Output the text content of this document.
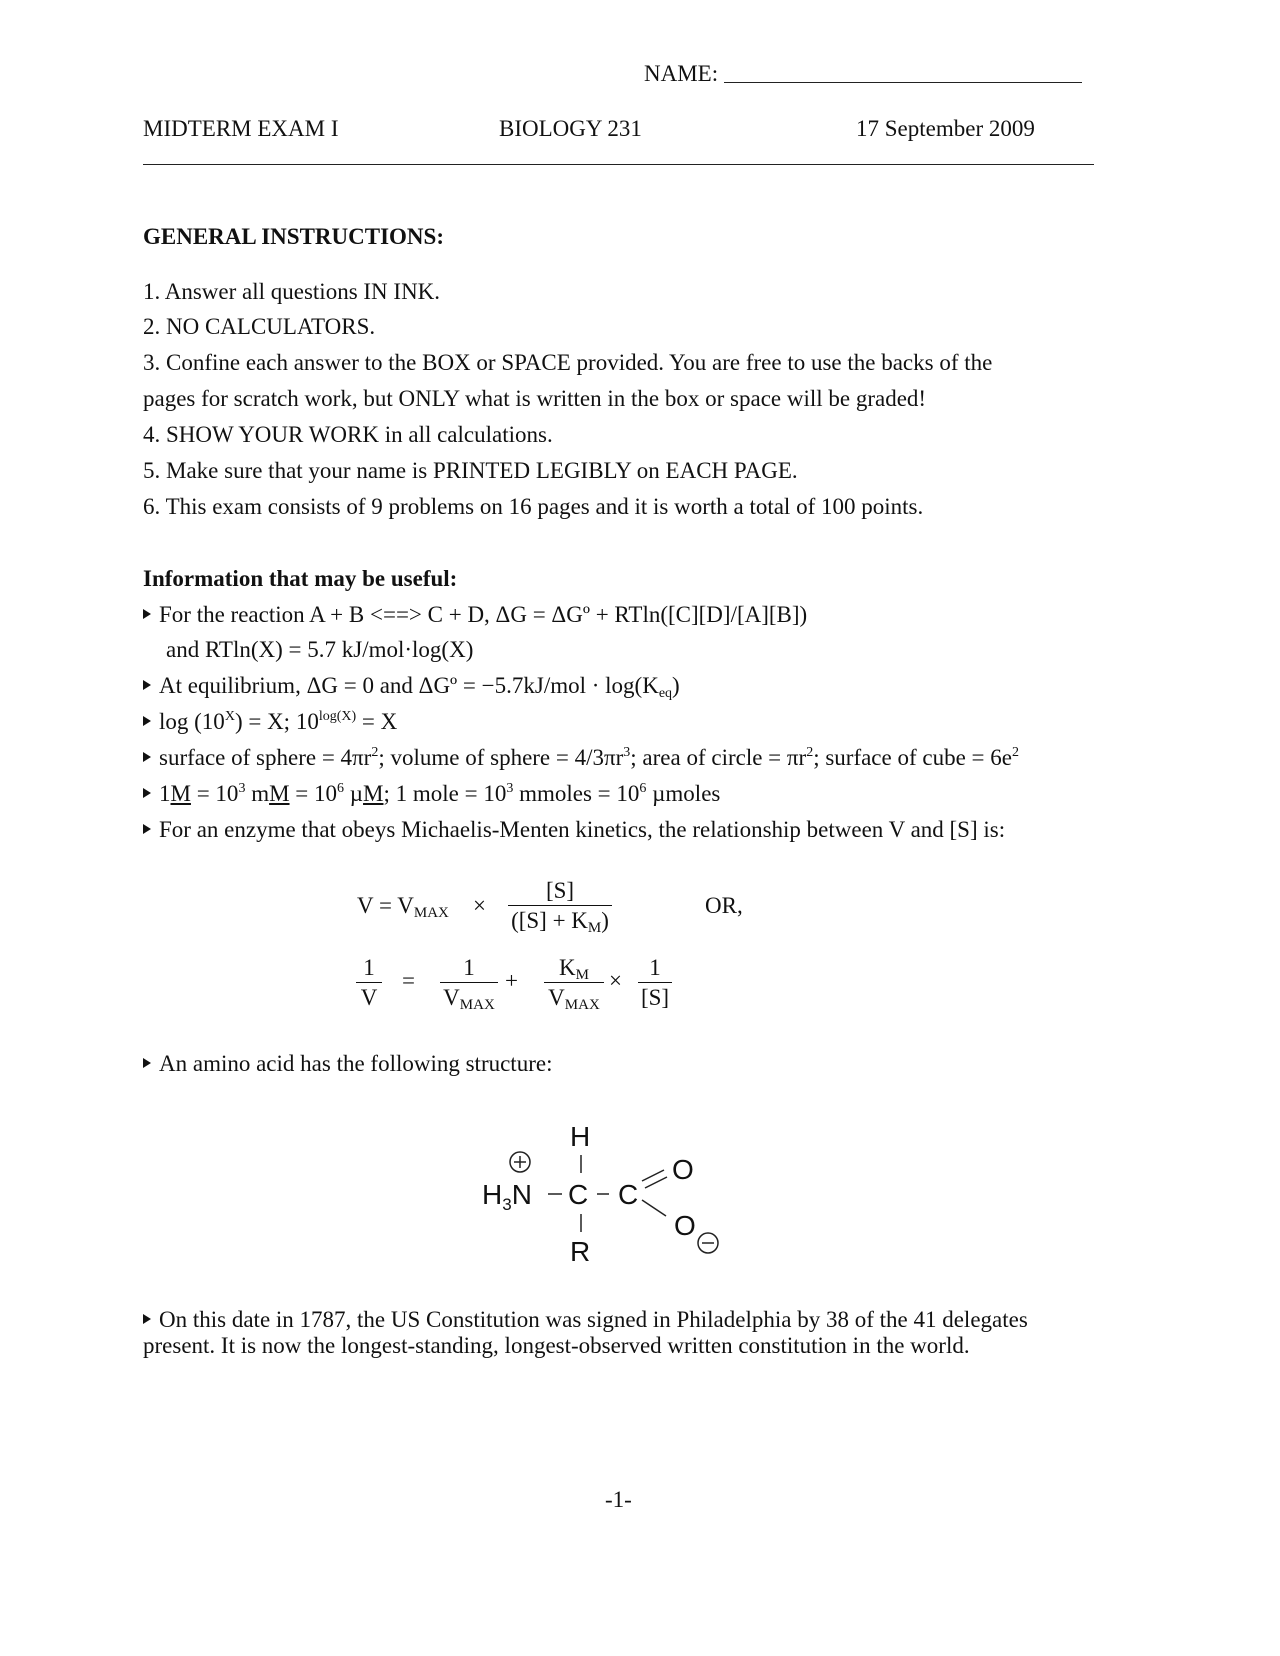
NAME:
MIDTERM EXAM I	BIOLOGY 231	17 September 2009
GENERAL INSTRUCTIONS:
1. Answer all questions IN INK.
2. NO CALCULATORS.
3. Confine each answer to the BOX or SPACE provided. You are free to use the backs of the
pages for scratch work, but ONLY what is written in the box or space will be graded!
4. SHOW YOUR WORK in all calculations.
5. Make sure that your name is PRINTED LEGIBLY on EACH PAGE.
6. This exam consists of 9 problems on 16 pages and it is worth a total of 100 points.
Information that may be useful:
For the reaction A + B <==> C + D, ΔG = ΔGº + RTln([C][D]/[A][B])
and RTln(X) = 5.7 kJ/mol·log(X)
At equilibrium, ΔG = 0 and ΔGº = $-5.7kJ/mol \cdot \log(K_{eq})$
$\log (10^X) = X$; $10^{log(X)} = X$
surface of sphere = $4\pi r^2$; volume of sphere = $4/3\pi r^3$; area of circle = $\pi r^2$; surface of cube = $6e^2$
$1M = 10^3$ mM = $10^6$ µM; 1 mole = $10^3$ mmoles = $10^6$ µmoles
For an enzyme that obeys Michaelis-Menten kinetics, the relationship between V and [S] is:
$V = V_{MAX} \times \frac{[S]}{([S] + K_M)}$	OR,
$\frac{1}{V}$ =
1
$V_{MAX}$
+
$K_M$
$V_{MAX}$
× $\frac{1}{[S]}$
An amino acid has the following structure:
H
$H_3N$ C C
O
O
R
On this date in 1787, the US Constitution was signed in Philadelphia by 38 of the 41 delegates
present. It is now the longest-standing, longest-observed written constitution in the world.
-1-
